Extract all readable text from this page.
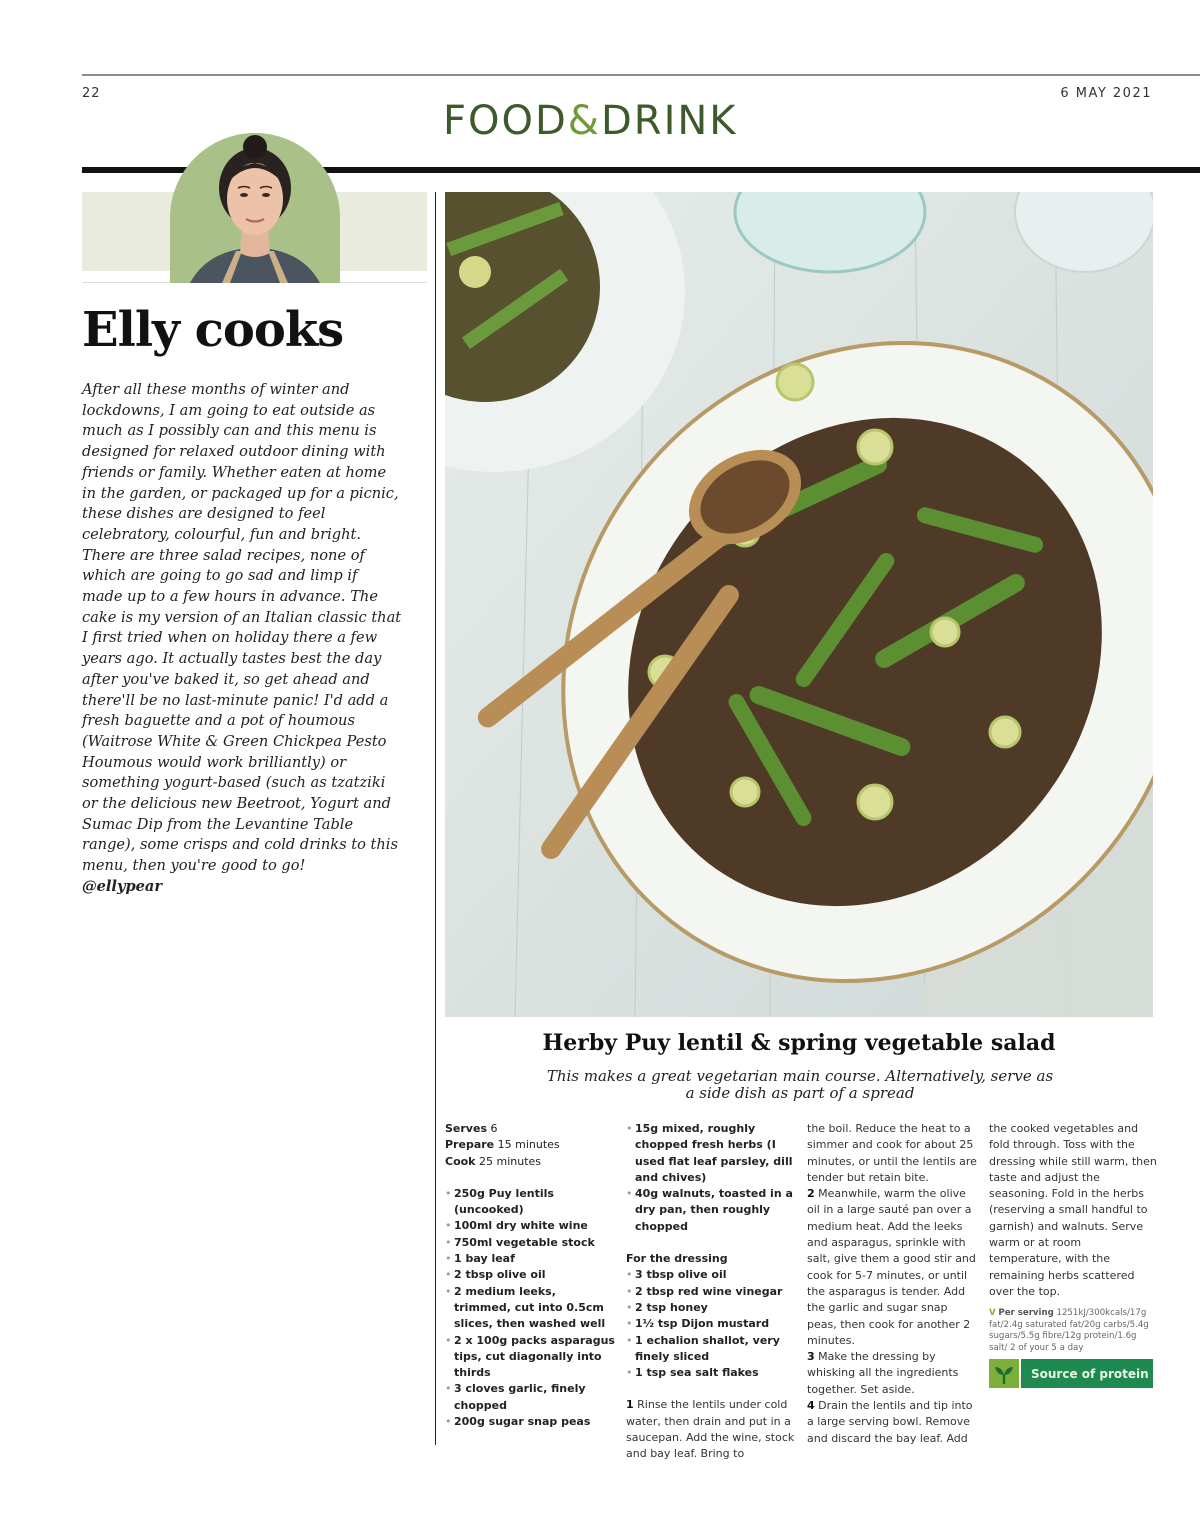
22	6 MAY 2021
FOOD&DRINK
Elly cooks
After all these months of winter and lockdowns, I am going to eat outside as much as I possibly can and this menu is designed for relaxed outdoor dining with friends or family. Whether eaten at home in the garden, or packaged up for a picnic, these dishes are designed to feel celebratory, colourful, fun and bright. There are three salad recipes, none of which are going to go sad and limp if made up to a few hours in advance. The cake is my version of an Italian classic that I first tried when on holiday there a few years ago. It actually tastes best the day after you've baked it, so get ahead and there'll be no last-minute panic! I'd add a fresh baguette and a pot of houmous (Waitrose White & Green Chickpea Pesto Houmous would work brilliantly) or something yogurt-based (such as tzatziki or the delicious new Beetroot, Yogurt and Sumac Dip from the Levantine Table range), some crisps and cold drinks to this menu, then you're good to go!
@ellypear
Herby Puy lentil & spring vegetable salad

This makes a great vegetarian main course. Alternatively, serve as a side dish as part of a spread

Serves 6
Prepare 15 minutes
Cook 25 minutes
• 250g Puy lentils (uncooked)
• 100ml dry white wine
• 750ml vegetable stock
• 1 bay leaf
• 2 tbsp olive oil
• 2 medium leeks, trimmed, cut into 0.5cm slices, then washed well
• 2 x 100g packs asparagus tips, cut diagonally into thirds
• 3 cloves garlic, finely chopped
• 200g sugar snap peas
• 15g mixed, roughly chopped fresh herbs (I used flat leaf parsley, dill and chives)
• 40g walnuts, toasted in a dry pan, then roughly chopped
For the dressing
• 3 tbsp olive oil
• 2 tbsp red wine vinegar
• 2 tsp honey
• 1½ tsp Dijon mustard
• 1 echalion shallot, very finely sliced
• 1 tsp sea salt flakes
1 Rinse the lentils under cold water, then drain and put in a saucepan. Add the wine, stock and bay leaf. Bring to
the boil. Reduce the heat to a simmer and cook for about 25 minutes, or until the lentils are tender but retain bite.
2 Meanwhile, warm the olive oil in a large sauté pan over a medium heat. Add the leeks and asparagus, sprinkle with salt, give them a good stir and cook for 5-7 minutes, or until the asparagus is tender. Add the garlic and sugar snap peas, then cook for another 2 minutes.
3 Make the dressing by whisking all the ingredients together. Set aside.
4 Drain the lentils and tip into a large serving bowl. Remove and discard the bay leaf. Add
the cooked vegetables and fold through. Toss with the dressing while still warm, then taste and adjust the seasoning. Fold in the herbs (reserving a small handful to garnish) and walnuts. Serve warm or at room temperature, with the remaining herbs scattered over the top.
V Per serving 1251kJ/300kcals/17g fat/2.4g saturated fat/20g carbs/5.4g sugars/5.5g fibre/12g protein/1.6g salt/ 2 of your 5 a day
Source of protein
